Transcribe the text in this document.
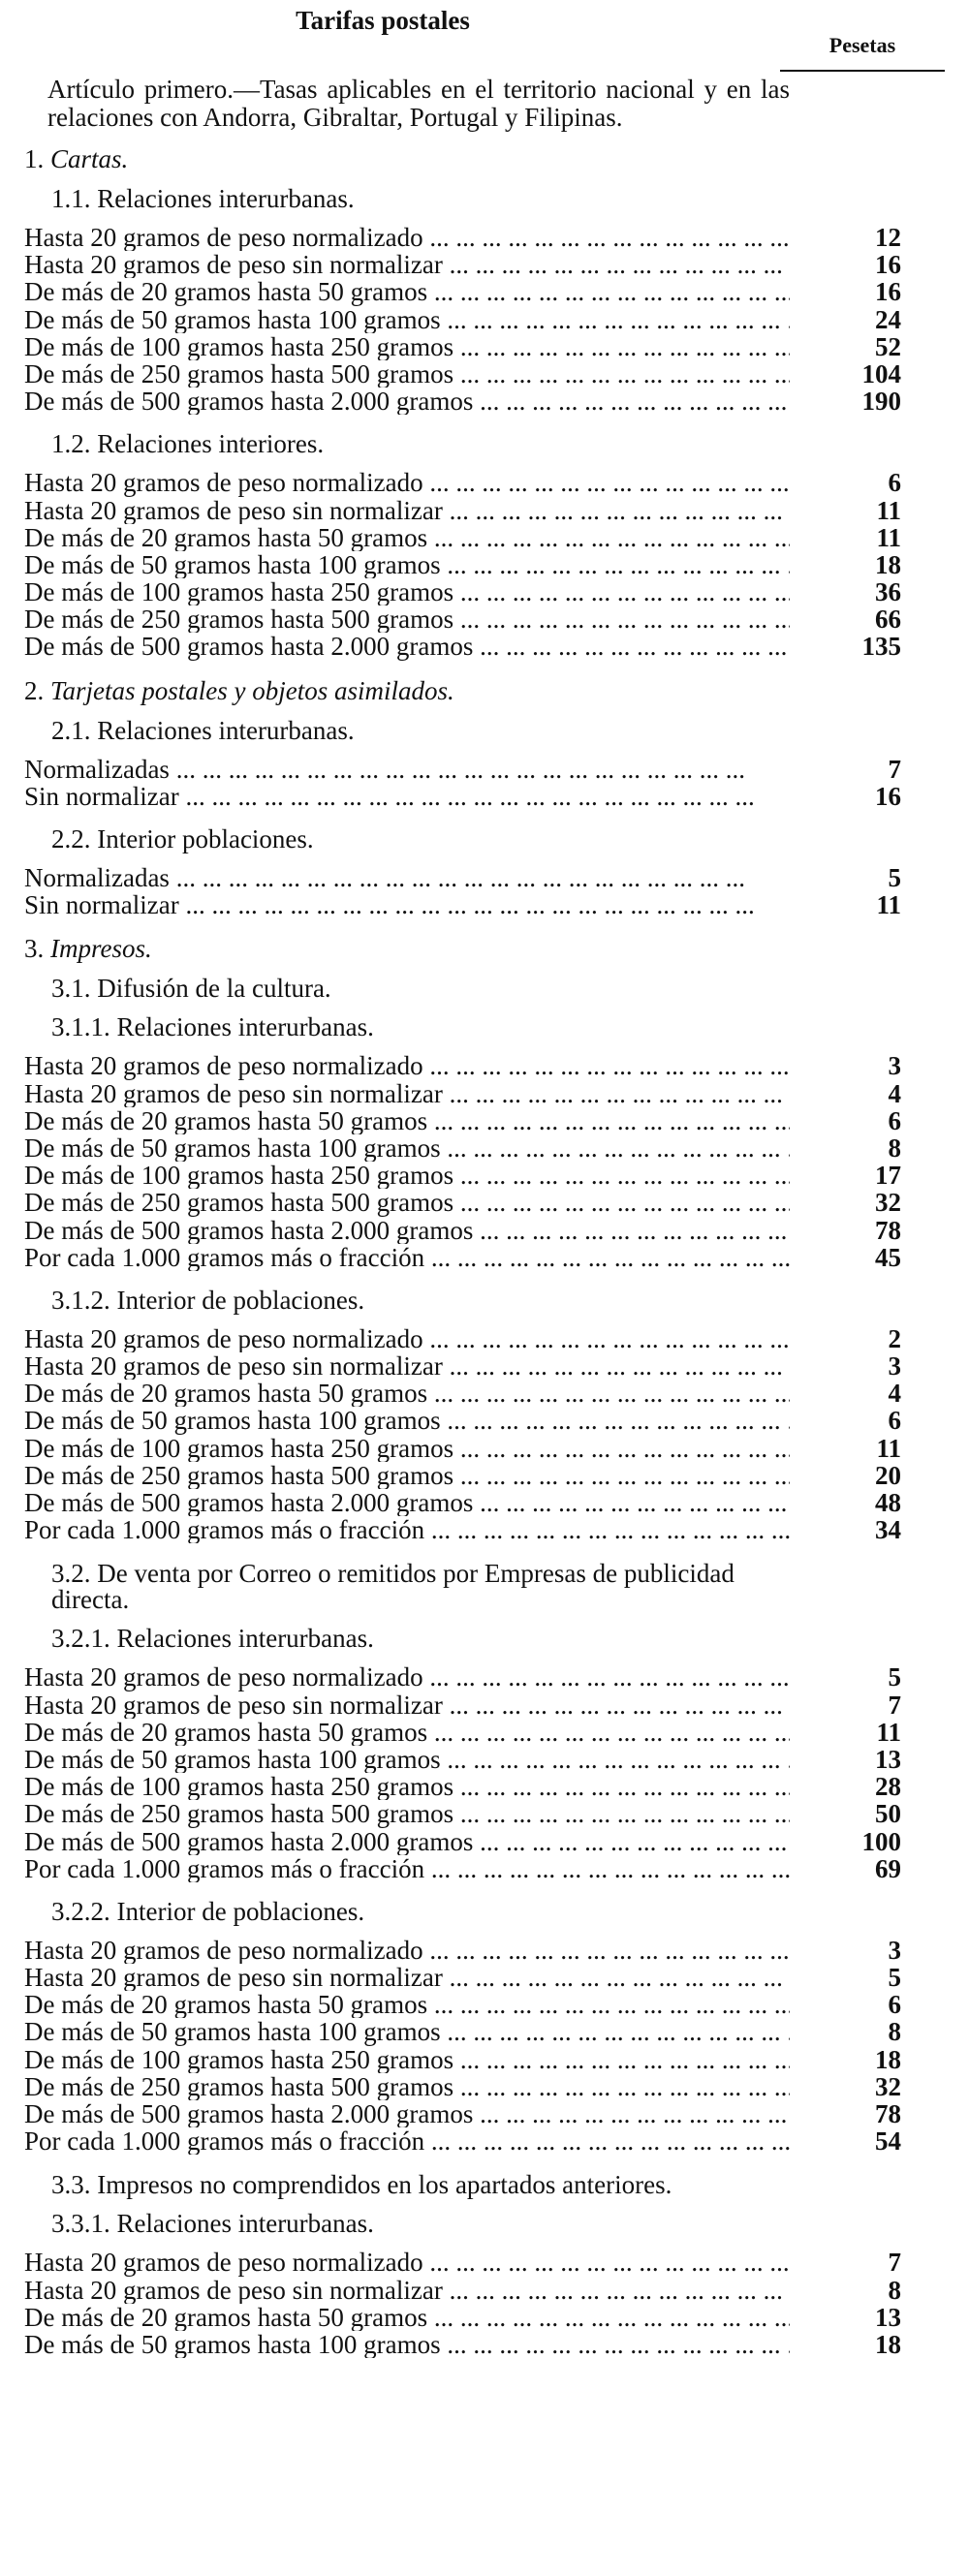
Tarifas postales
Pesetas
Artículo primero.—Tasas aplicables en el territorio nacional y en las relaciones con Andorra, Gibraltar, Portugal y Filipinas.
1. Cartas.
1.1. Relaciones interurbanas.
Hasta 20 gramos de peso normalizado ... .	12
Hasta 20 gramos de peso sin normalizar ... .	16
De más de 20 gramos hasta 50 gramos ... .	16
De más de 50 gramos hasta 100 gramos ... .	24
De más de 100 gramos hasta 250 gramos ... .	52
De más de 250 gramos hasta 500 gramos ... .	104
De más de 500 gramos hasta 2.000 gramos ... .	190
1.2. Relaciones interiores.
Hasta 20 gramos de peso normalizado ... .	6
Hasta 20 gramos de peso sin normalizar ... .	11
De más de 20 gramos hasta 50 gramos ... .	11
De más de 50 gramos hasta 100 gramos ... .	18
De más de 100 gramos hasta 250 gramos ... .	36
De más de 250 gramos hasta 500 gramos ... .	66
De más de 500 gramos hasta 2.000 gramos ... .	135
2. Tarjetas postales y objetos asimilados.
2.1. Relaciones interurbanas.
Normalizadas ... .	7
Sin normalizar ... .	16
2.2. Interior poblaciones.
Normalizadas ... .	5
Sin normalizar ... .	11
3. Impresos.
3.1. Difusión de la cultura.
3.1.1. Relaciones interurbanas.
Hasta 20 gramos de peso normalizado ... .	3
Hasta 20 gramos de peso sin normalizar ... .	4
De más de 20 gramos hasta 50 gramos ... .	6
De más de 50 gramos hasta 100 gramos ... .	8
De más de 100 gramos hasta 250 gramos ... .	17
De más de 250 gramos hasta 500 gramos ... .	32
De más de 500 gramos hasta 2.000 gramos ... .	78
Por cada 1.000 gramos más o fracción ... .	45
3.1.2. Interior de poblaciones.
Hasta 20 gramos de peso normalizado ... .	2
Hasta 20 gramos de peso sin normalizar ... .	3
De más de 20 gramos hasta 50 gramos ... .	4
De más de 50 gramos hasta 100 gramos ... .	6
De más de 100 gramos hasta 250 gramos ... .	11
De más de 250 gramos hasta 500 gramos ... .	20
De más de 500 gramos hasta 2.000 gramos ... .	48
Por cada 1.000 gramos más o fracción ... .	34
3.2. De venta por Correo o remitidos por Empresas de publicidad directa.
3.2.1. Relaciones interurbanas.
Hasta 20 gramos de peso normalizado ... .	5
Hasta 20 gramos de peso sin normalizar ... .	7
De más de 20 gramos hasta 50 gramos ... .	11
De más de 50 gramos hasta 100 gramos ... .	13
De más de 100 gramos hasta 250 gramos ... .	28
De más de 250 gramos hasta 500 gramos ... .	50
De más de 500 gramos hasta 2.000 gramos ... .	100
Por cada 1.000 gramos más o fracción ... .	69
3.2.2. Interior de poblaciones.
Hasta 20 gramos de peso normalizado ... .	3
Hasta 20 gramos de peso sin normalizar ... .	5
De más de 20 gramos hasta 50 gramos ... .	6
De más de 50 gramos hasta 100 gramos ... .	8
De más de 100 gramos hasta 250 gramos ... .	18
De más de 250 gramos hasta 500 gramos ... .	32
De más de 500 gramos hasta 2.000 gramos ... .	78
Por cada 1.000 gramos más o fracción ... .	54
3.3. Impresos no comprendidos en los apartados anteriores.
3.3.1. Relaciones interurbanas.
Hasta 20 gramos de peso normalizado ... .	7
Hasta 20 gramos de peso sin normalizar ... .	8
De más de 20 gramos hasta 50 gramos ... .	13
De más de 50 gramos hasta 100 gramos ... .	18
